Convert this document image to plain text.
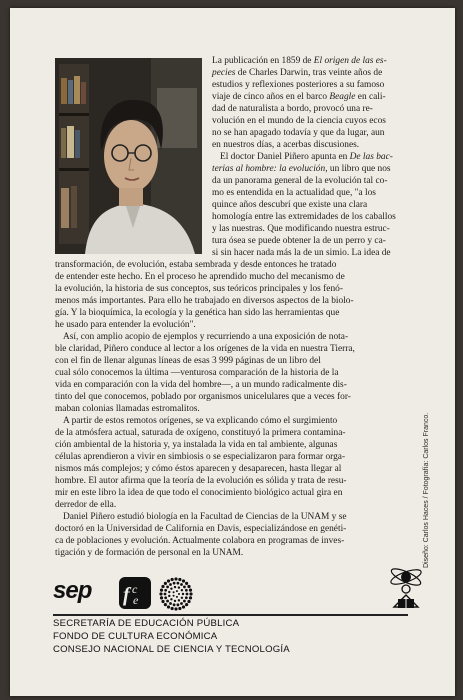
La publicación en 1859 de El origen de las es-
pecies de Charles Darwin, tras veinte años de
estudios y reflexiones posteriores a su famoso
viaje de cinco años en el barco Beagle en cali-
dad de naturalista a bordo, provocó una re-
volución en el mundo de la ciencia cuyos ecos
no se han apagado todavía y que da lugar, aun
en nuestros días, a acerbas discusiones.
El doctor Daniel Piñero apunta en De las bac-
terias al hombre: la evolución, un libro que nos
da un panorama general de la evolución tal co-
mo es entendida en la actualidad que, "a los
quince años descubrí que existe una clara
homología entre las extremidades de los caballos
y las nuestras. Que modificando nuestra estruc-
tura ósea se puede obtener la de un perro y ca-
si sin hacer nada más la de un simio. La idea de
transformación, de evolución, estaba sembrada y desde entonces he tratado
de entender este hecho. En el proceso he aprendido mucho del mecanismo de
la evolución, la historia de sus conceptos, sus teóricos principales y los fenó-
menos más importantes. Para ello he trabajado en diversos aspectos de la biolo-
gía. Y la bioquímica, la ecología y la genética han sido las herramientas que
he usado para entender la evolución".
Así, con amplio acopio de ejemplos y recurriendo a una exposición de nota-
ble claridad, Piñero conduce al lector a los orígenes de la vida en nuestra Tierra,
con el fin de llenar algunas líneas de esas 3 999 páginas de un libro del
cual sólo conocemos la última —venturosa comparación de la historia de la
vida en comparación con la vida del hombre—, a un mundo radicalmente dis-
tinto del que conocemos, poblado por organismos unicelulares que a veces for-
maban colonias llamadas estromalitos.
A partir de estos remotos orígenes, se va explicando cómo el surgimiento
de la atmósfera actual, saturada de oxígeno, constituyó la primera contamina-
ción ambiental de la historia y, ya instalada la vida en tal ambiente, algunas
células aprendieron a vivir en simbiosis o se especializaron para formar orga-
nismos más complejos; y cómo éstos aparecen y desaparecen, hasta llegar al
hombre. El autor afirma que la teoría de la evolución es sólida y trata de resu-
mir en este libro la idea de que todo el conocimiento biológico actual gira en
derredor de ella.
Daniel Piñero estudió biología en la Facultad de Ciencias de la UNAM y se
doctoró en la Universidad de California en Davis, especializándose en genéti-
ca de poblaciones y evolución. Actualmente colabora en programas de inves-
tigación y de formación de personal en la UNAM.	Diseño: Carlos Haces / Fotografía: Carlos Franco.
sep f c
e
SECRETARÍA DE EDUCACIÓN PÚBLICA
FONDO DE CULTURA ECONÓMICA
CONSEJO NACIONAL DE CIENCIA Y TECNOLOGÍA
